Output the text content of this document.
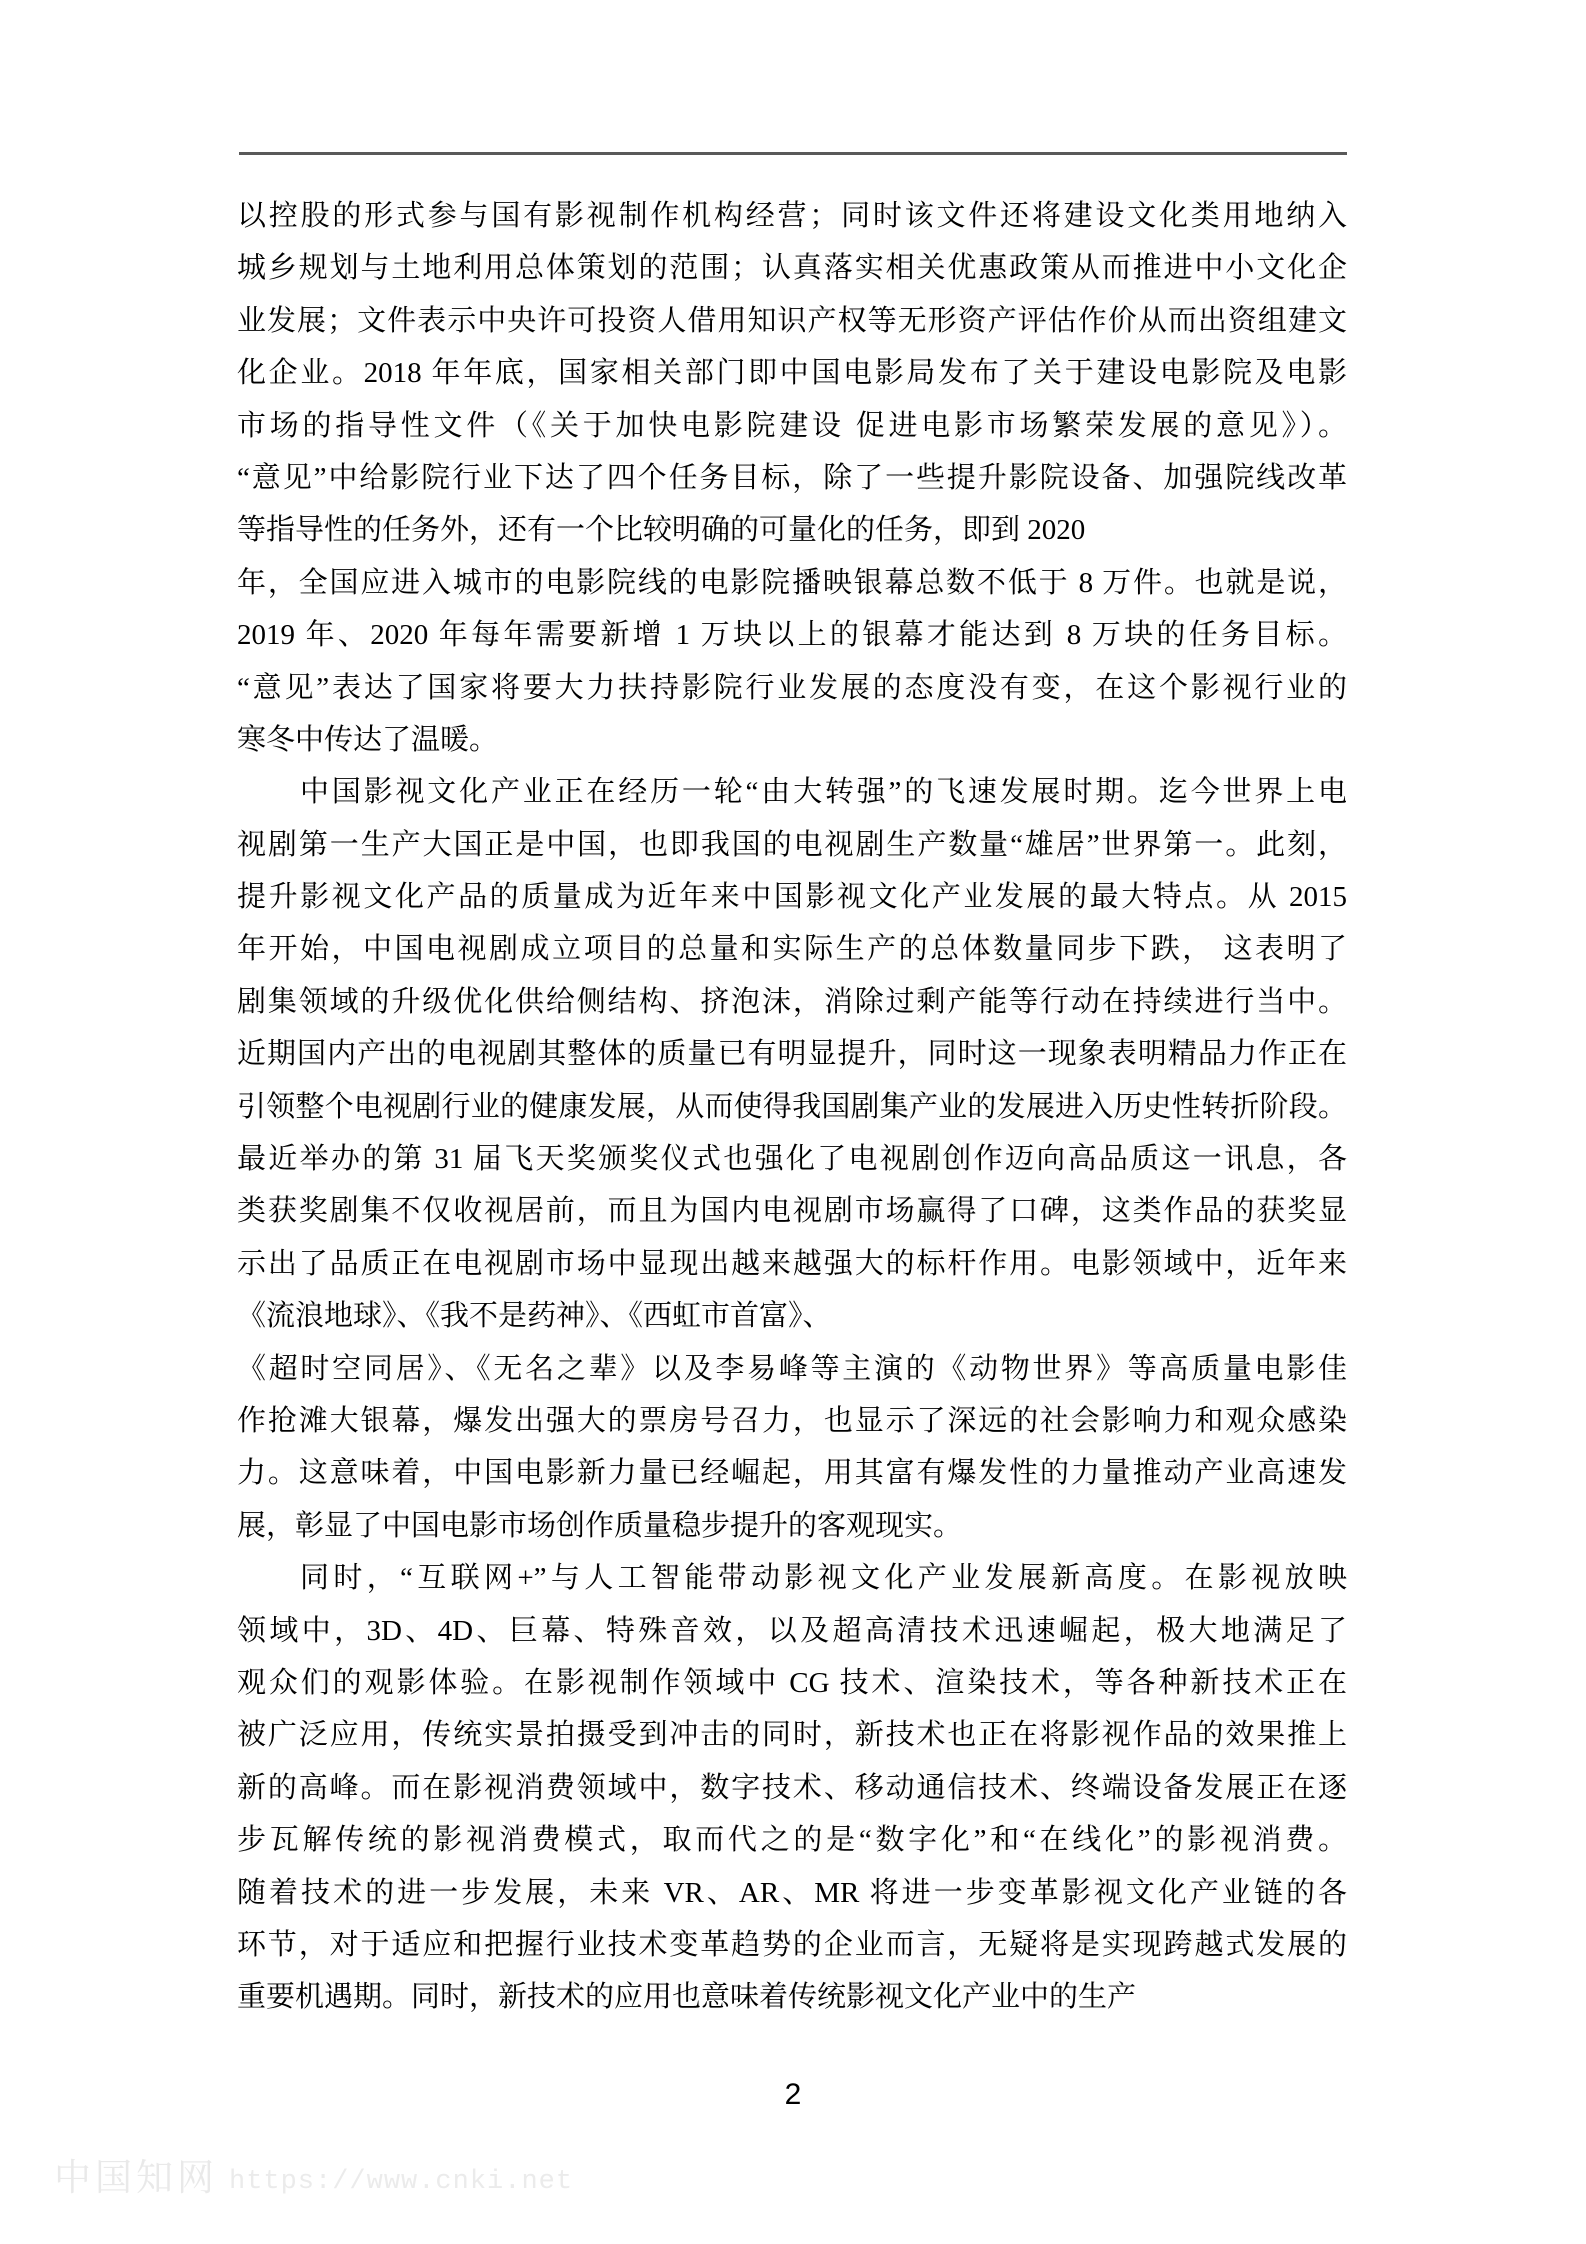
以控股的形式参与国有影视制作机构经营；同时该文件还将建设文化类用地纳入
城乡规划与土地利用总体策划的范围；认真落实相关优惠政策从而推进中小文化企
业发展；文件表示中央许可投资人借用知识产权等无形资产评估作价从而出资组建文
化企业。2018 年年底，国家相关部门即中国电影局发布了关于建设电影院及电影
市场的指导性文件（《关于加快电影院建设 促进电影市场繁荣发展的意见》）。
“意见”中给影院行业下达了四个任务目标，除了一些提升影院设备、加强院线改革
等指导性的任务外，还有一个比较明确的可量化的任务，即到 2020
年，全国应进入城市的电影院线的电影院播映银幕总数不低于 8 万件。也就是说，
2019 年、2020 年每年需要新增 1 万块以上的银幕才能达到 8 万块的任务目标。
“意见”表达了国家将要大力扶持影院行业发展的态度没有变，在这个影视行业的
寒冬中传达了温暖。
中国影视文化产业正在经历一轮“由大转强”的飞速发展时期。迄今世界上电
视剧第一生产大国正是中国，也即我国的电视剧生产数量“雄居”世界第一。此刻，
提升影视文化产品的质量成为近年来中国影视文化产业发展的最大特点。从 2015
年开始，中国电视剧成立项目的总量和实际生产的总体数量同步下跌， 这表明了
剧集领域的升级优化供给侧结构、挤泡沫，消除过剩产能等行动在持续进行当中。
近期国内产出的电视剧其整体的质量已有明显提升，同时这一现象表明精品力作正在
引领整个电视剧行业的健康发展，从而使得我国剧集产业的发展进入历史性转折阶段。
最近举办的第 31 届飞天奖颁奖仪式也强化了电视剧创作迈向高品质这一讯息，各
类获奖剧集不仅收视居前，而且为国内电视剧市场赢得了口碑，这类作品的获奖显
示出了品质正在电视剧市场中显现出越来越强大的标杆作用。电影领域中，近年来
《流浪地球》、《我不是药神》、《西虹市首富》、
《超时空同居》、《无名之辈》以及李易峰等主演的《动物世界》等高质量电影佳
作抢滩大银幕，爆发出强大的票房号召力，也显示了深远的社会影响力和观众感染
力。这意味着，中国电影新力量已经崛起，用其富有爆发性的力量推动产业高速发
展，彰显了中国电影市场创作质量稳步提升的客观现实。
同时，“互联网+”与人工智能带动影视文化产业发展新高度。在影视放映
领域中，3D、4D、巨幕、特殊音效，以及超高清技术迅速崛起，极大地满足了
观众们的观影体验。在影视制作领域中 CG 技术、渲染技术，等各种新技术正在
被广泛应用，传统实景拍摄受到冲击的同时，新技术也正在将影视作品的效果推上
新的高峰。而在影视消费领域中，数字技术、移动通信技术、终端设备发展正在逐
步瓦解传统的影视消费模式，取而代之的是“数字化”和“在线化”的影视消费。
随着技术的进一步发展，未来 VR、AR、MR 将进一步变革影视文化产业链的各
环节，对于适应和把握行业技术变革趋势的企业而言，无疑将是实现跨越式发展的
重要机遇期。同时，新技术的应用也意味着传统影视文化产业中的生产
2
中国知网 https://www.cnki.net
